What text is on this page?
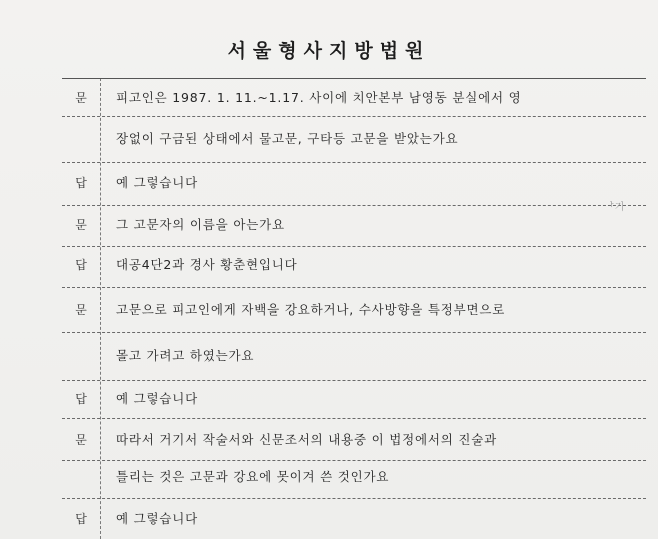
서울형사지방법원
문	피고인은 1987. 1. 11.~1.17. 사이에 치안본부 남영동 분실에서 영
장없이 구금된 상태에서 물고문, 구타등 고문을 받았는가요
답	예 그렇습니다
문	그 고문자의 이름을 아는가요
답	대공4단2과 경사 황춘현입니다
문	고문으로 피고인에게 자백을 강요하거나, 수사방향을 특정부면으로
몰고 가려고 하였는가요
답	예 그렇습니다
문	따라서 거기서 작술서와 신문조서의 내용중 이 법정에서의 진술과
틀리는 것은 고문과 강요에 못이겨 쓴 것인가요
답	예 그렇습니다
ᅡ기
